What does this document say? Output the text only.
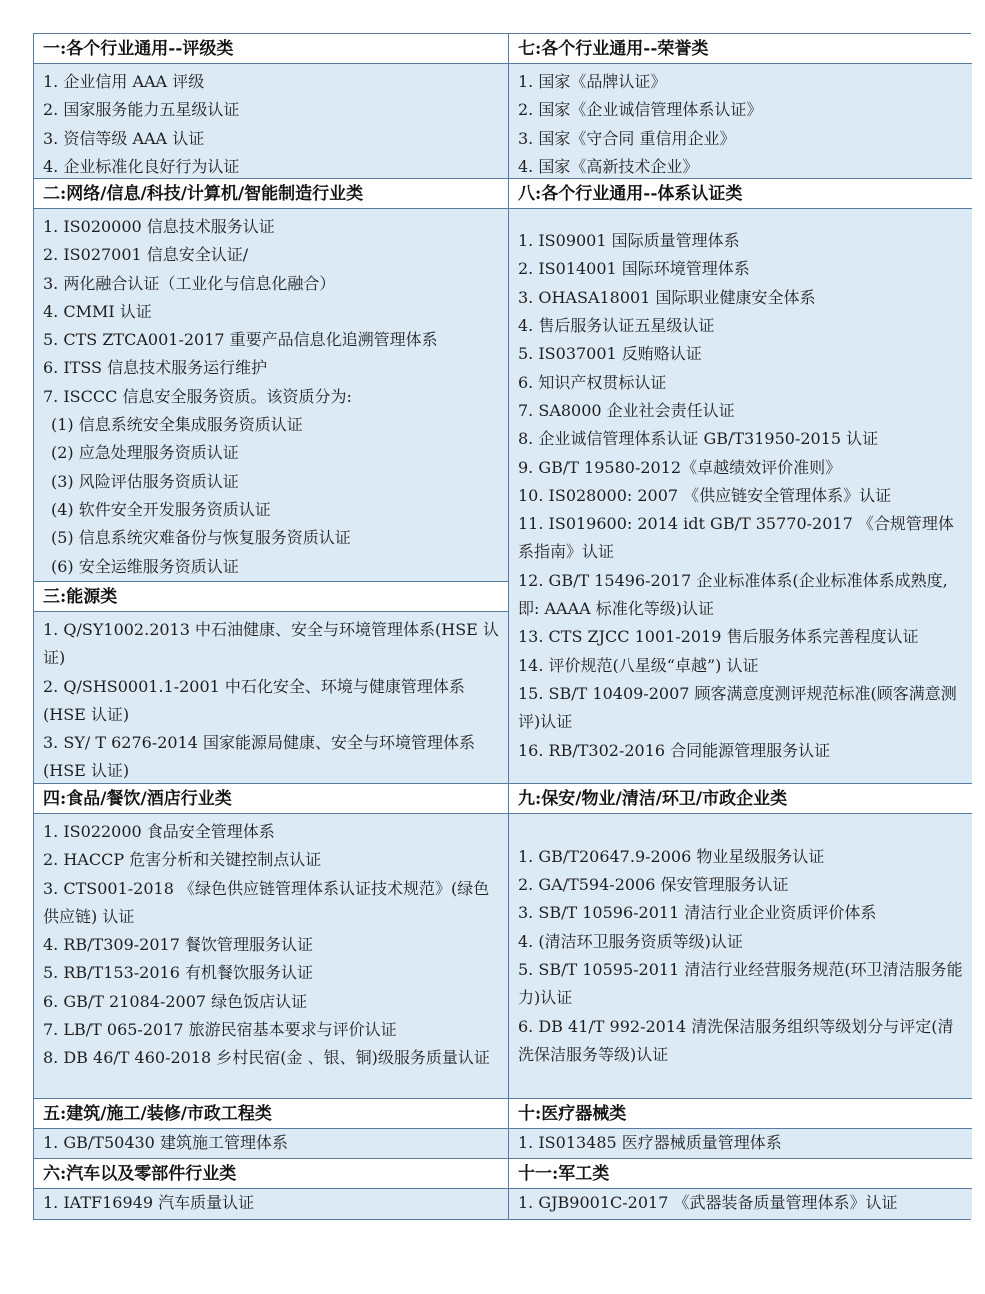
一:各个行业通用--评级类

1. 企业信用 AAA 评级

2. 国家服务能力五星级认证

3. 资信等级 AAA 认证

4. 企业标准化良好行为认证

七:各个行业通用--荣誉类

1. 国家《品牌认证》

2. 国家《企业诚信管理体系认证》

3. 国家《守合同 重信用企业》

4. 国家《高新技术企业》

二:网络/信息/科技/计算机/智能制造行业类

1. IS020000 信息技术服务认证

2. IS027001 信息安全认证/

3. 两化融合认证（工业化与信息化融合）

4. CMMI 认证

5. CTS ZTCA001-2017 重要产品信息化追溯管理体系

6. ITSS 信息技术服务运行维护

7. ISCCC 信息安全服务资质。该资质分为:

(1) 信息系统安全集成服务资质认证

(2) 应急处理服务资质认证

(3) 风险评估服务资质认证

(4) 软件安全开发服务资质认证

(5) 信息系统灾难备份与恢复服务资质认证

(6) 安全运维服务资质认证

三:能源类

1. Q/SY1002.2013 中石油健康、安全与环境管理体系(HSE 认证)

2. Q/SHS0001.1-2001 中石化安全、环境与健康管理体系(HSE 认证)

3. SY/ T 6276-2014 国家能源局健康、安全与环境管理体系(HSE 认证)

八:各个行业通用--体系认证类

1. IS09001 国际质量管理体系

2. IS014001 国际环境管理体系

3. OHASA18001 国际职业健康安全体系

4. 售后服务认证五星级认证

5. IS037001 反贿赂认证

6. 知识产权贯标认证

7. SA8000 企业社会责任认证

8. 企业诚信管理体系认证 GB/T31950-2015 认证

9. GB/T 19580-2012《卓越绩效评价准则》

10. IS028000: 2007 《供应链安全管理体系》认证

11. IS019600: 2014 idt GB/T 35770-2017 《合规管理体系指南》认证

12. GB/T 15496-2017 企业标准体系(企业标准体系成熟度, 即: AAAA 标准化等级)认证

13. CTS ZJCC 1001-2019 售后服务体系完善程度认证

14. 评价规范(八星级“卓越”) 认证

15. SB/T 10409-2007 顾客满意度测评规范标准(顾客满意测评)认证

16. RB/T302-2016 合同能源管理服务认证

四:食品/餐饮/酒店行业类

1. IS022000 食品安全管理体系

2. HACCP 危害分析和关键控制点认证

3. CTS001-2018 《绿色供应链管理体系认证技术规范》(绿色供应链) 认证

4. RB/T309-2017 餐饮管理服务认证

5. RB/T153-2016 有机餐饮服务认证

6. GB/T 21084-2007 绿色饭店认证

7. LB/T 065-2017 旅游民宿基本要求与评价认证

8. DB 46/T 460-2018 乡村民宿(金 、银、铜)级服务质量认证

九:保安/物业/清洁/环卫/市政企业类

1. GB/T20647.9-2006 物业星级服务认证

2. GA/T594-2006 保安管理服务认证

3. SB/T 10596-2011 清洁行业企业资质评价体系

4. (清洁环卫服务资质等级)认证

5. SB/T 10595-2011 清洁行业经营服务规范(环卫清洁服务能力)认证

6. DB 41/T 992-2014 清洗保洁服务组织等级划分与评定(清洗保洁服务等级)认证

五:建筑/施工/装修/市政工程类

1. GB/T50430 建筑施工管理体系

十:医疗器械类

1. IS013485 医疗器械质量管理体系

六:汽车以及零部件行业类

1. IATF16949 汽车质量认证

十一:军工类

1. GJB9001C-2017 《武器装备质量管理体系》认证
